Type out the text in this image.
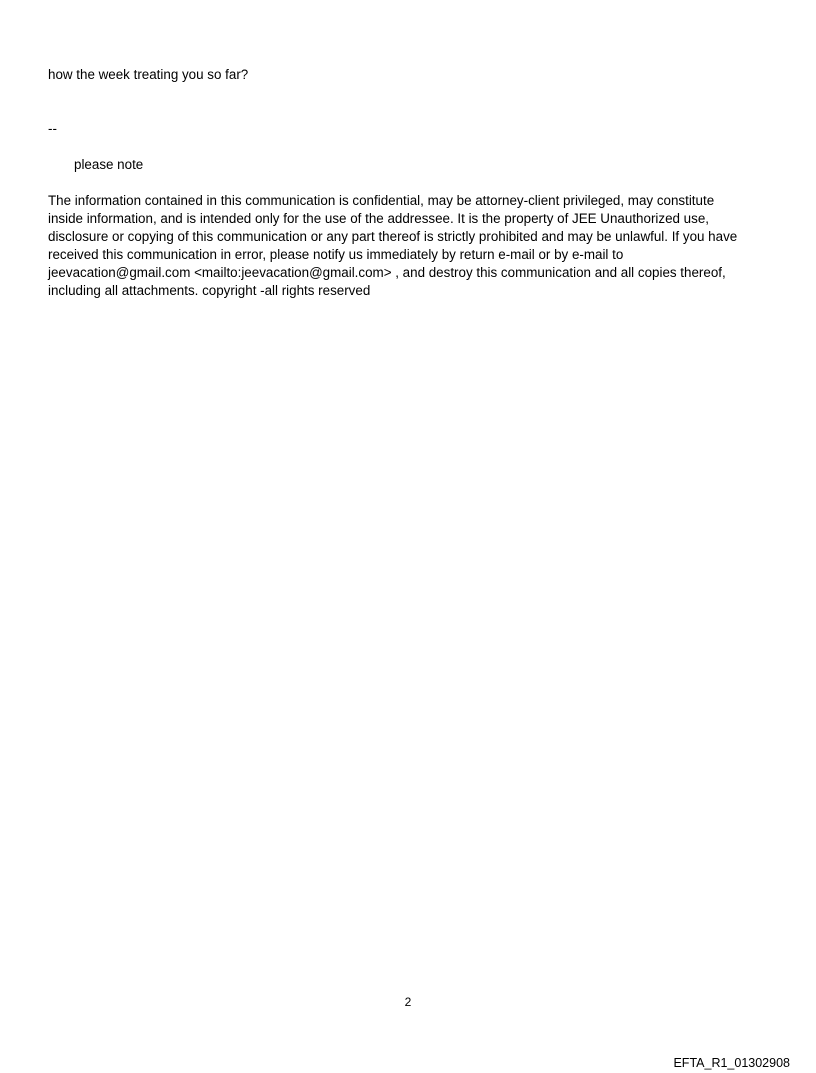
how the week treating you so far?
--
please note
The information contained in this communication is confidential, may be attorney-client privileged, may constitute
inside information, and is intended only for the use of the addressee. It is the property of JEE Unauthorized use,
disclosure or copying of this communication or any part thereof is strictly prohibited and may be unlawful. If you have
received this communication in error, please notify us immediately by return e-mail or by e-mail to
jeevacation@gmail.com <mailto:jeevacation@gmail.com> , and destroy this communication and all copies thereof,
including all attachments. copyright -all rights reserved
2
EFTA_R1_01302908
